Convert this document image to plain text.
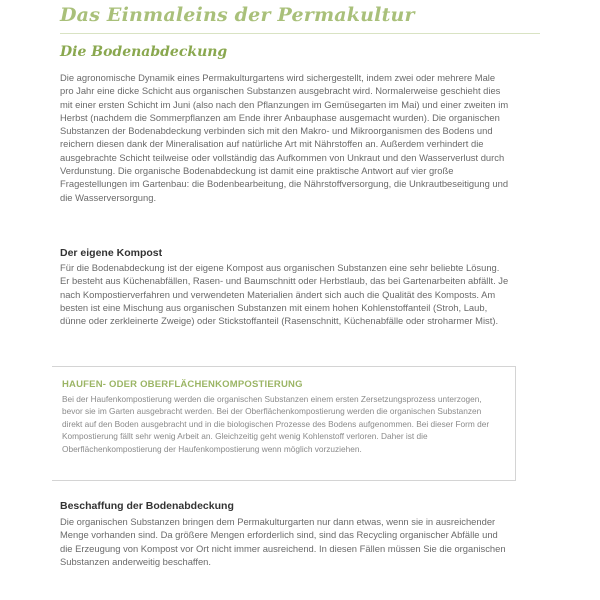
Das Einmaleins der Permakultur
Die Bodenabdeckung

Die agronomische Dynamik eines Permakulturgartens wird sichergestellt, indem zwei oder mehrere Male pro Jahr eine dicke Schicht aus organischen Substanzen ausgebracht wird. Normalerweise geschieht dies mit einer ersten Schicht im Juni (also nach den Pflanzungen im Gemüsegarten im Mai) und einer zweiten im Herbst (nachdem die Sommerpflanzen am Ende ihrer Anbauphase ausgemacht wurden). Die organischen Substanzen der Bodenabdeckung verbinden sich mit den Makro- und Mikroorganismen des Bodens und reichern diesen dank der Mineralisation auf natürliche Art mit Nährstoffen an. Außerdem verhindert die ausgebrachte Schicht teilweise oder vollständig das Aufkommen von Unkraut und den Wasserverlust durch Verdunstung. Die organische Bodenabdeckung ist damit eine praktische Antwort auf vier große Fragestellungen im Gartenbau: die Bodenbearbeitung, die Nährstoffversorgung, die Unkrautbeseitigung und die Wasserversorgung.

Der eigene Kompost

Für die Bodenabdeckung ist der eigene Kompost aus organischen Substanzen eine sehr beliebte Lösung. Er besteht aus Küchenabfällen, Rasen- und Baumschnitt oder Herbstlaub, das bei Gartenarbeiten abfällt. Je nach Kompostierverfahren und verwendeten Materialien ändert sich auch die Qualität des Komposts. Am besten ist eine Mischung aus organischen Substanzen mit einem hohen Kohlenstoffanteil (Stroh, Laub, dünne oder zerkleinerte Zweige) oder Stickstoffanteil (Rasenschnitt, Küchenabfälle oder stroharmer Mist).

HAUFEN- ODER OBERFLÄCHENKOMPOSTIERUNG

Bei der Haufenkompostierung werden die organischen Substanzen einem ersten Zersetzungsprozess unterzogen, bevor sie im Garten ausgebracht werden. Bei der Oberflächenkompostierung werden die organischen Substanzen direkt auf den Boden ausgebracht und in die biologischen Prozesse des Bodens aufgenommen. Bei dieser Form der Kompostierung fällt sehr wenig Arbeit an. Gleichzeitig geht wenig Kohlenstoff verloren. Daher ist die Oberflächenkompostierung der Haufenkompostierung wenn möglich vorzuziehen.

Beschaffung der Bodenabdeckung

Die organischen Substanzen bringen dem Permakulturgarten nur dann etwas, wenn sie in ausreichender Menge vorhanden sind. Da größere Mengen erforderlich sind, sind das Recycling organischer Abfälle und die Erzeugung von Kompost vor Ort nicht immer ausreichend. In diesen Fällen müssen Sie die organischen Substanzen anderweitig beschaffen.
